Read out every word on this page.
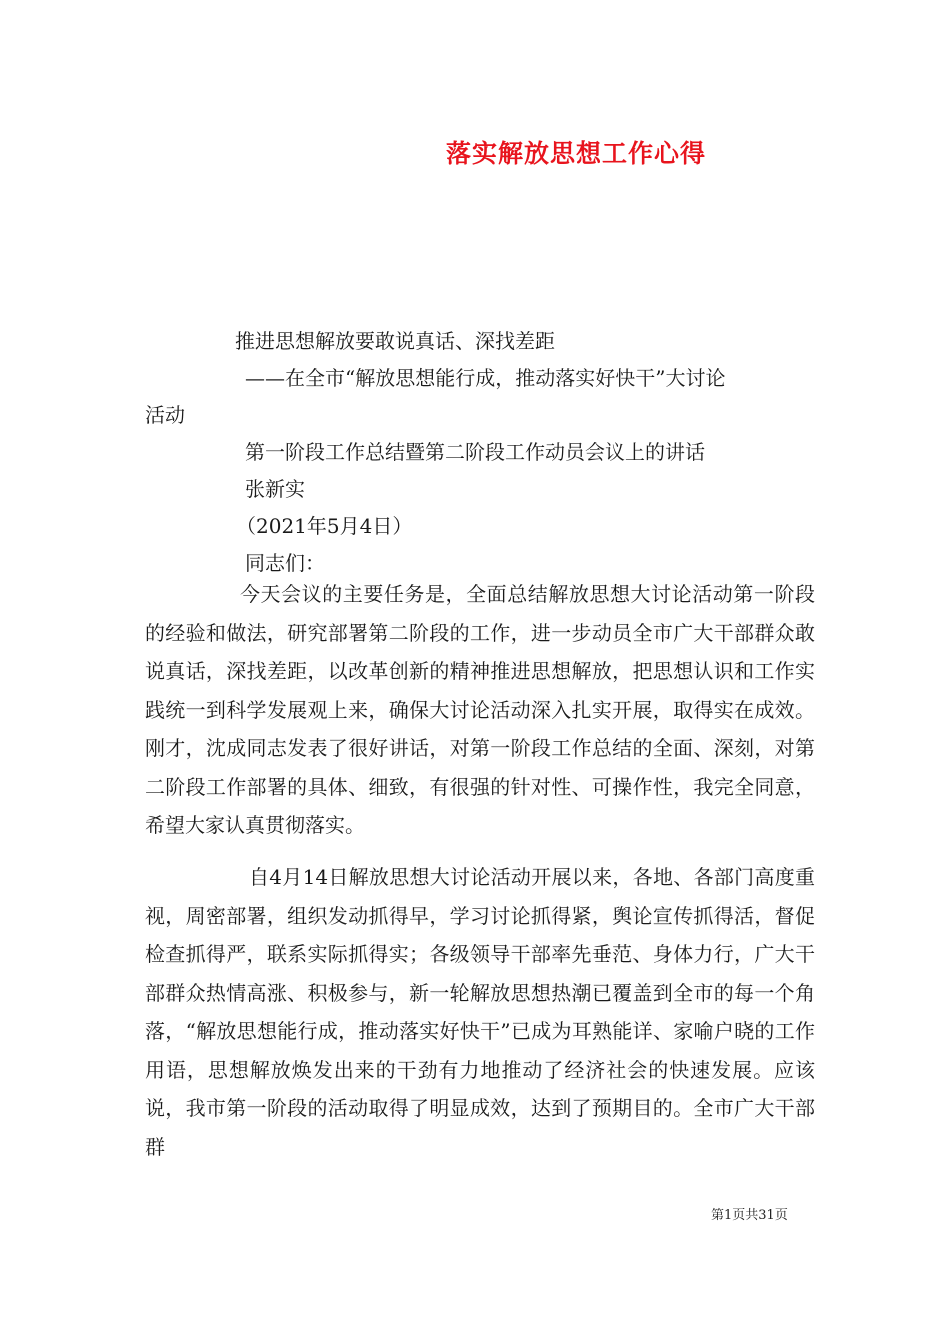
落实解放思想工作心得
推进思想解放要敢说真话、深找差距
——在全市“解放思想能行成，推动落实好快干”大讨论
活动
第一阶段工作总结暨第二阶段工作动员会议上的讲话
张新实
（2021年5月4日）
同志们：
今天会议的主要任务是，全面总结解放思想大讨论活动第一阶段的经验和做法，研究部署第二阶段的工作，进一步动员全市广大干部群众敢说真话，深找差距，以改革创新的精神推进思想解放，把思想认识和工作实践统一到科学发展观上来，确保大讨论活动深入扎实开展，取得实在成效。刚才，沈成同志发表了很好讲话，对第一阶段工作总结的全面、深刻，对第二阶段工作部署的具体、细致，有很强的针对性、可操作性，我完全同意，希望大家认真贯彻落实。
自4月14日解放思想大讨论活动开展以来，各地、各部门高度重视，周密部署，组织发动抓得早，学习讨论抓得紧，舆论宣传抓得活，督促检查抓得严，联系实际抓得实；各级领导干部率先垂范、身体力行，广大干部群众热情高涨、积极参与，新一轮解放思想热潮已覆盖到全市的每一个角落，“解放思想能行成，推动落实好快干”已成为耳熟能详、家喻户晓的工作用语，思想解放焕发出来的干劲有力地推动了经济社会的快速发展。应该说，我市第一阶段的活动取得了明显成效，达到了预期目的。全市广大干部群
第1页共31页
